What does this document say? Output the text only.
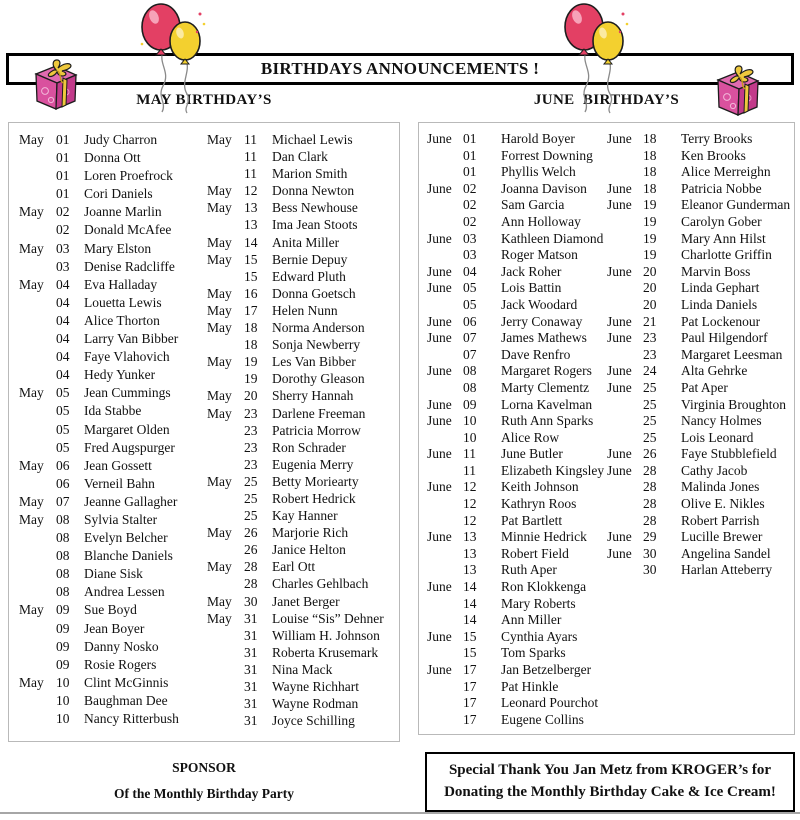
BIRTHDAYS ANNOUNCEMENTS !
MAY BIRTHDAY’S	JUNE  BIRTHDAY’S
May 01	Judy Charron
01	Donna Ott
01	Loren Proefrock
01	Cori Daniels
May 02	Joanne Marlin
02	Donald McAfee
May 03	Mary Elston
03	Denise Radcliffe
May 04	Eva Halladay
04	Louetta Lewis
04	Alice Thorton
04	Larry Van Bibber
04	Faye Vlahovich
04	Hedy Yunker
May 05	Jean Cummings
05	Ida Stabbe
05	Margaret Olden
05	Fred Augspurger
May 06	Jean Gossett
06	Verneil Bahn
May 07	Jeanne Gallagher
May 08	Sylvia Stalter
08	Evelyn Belcher
08	Blanche Daniels
08	Diane Sisk
08	Andrea Lessen
May 09	Sue Boyd
09	Jean Boyer
09	Danny Nosko
09	Rosie Rogers
May 10	Clint McGinnis
10	Baughman Dee
10	Nancy Ritterbush
May 11	Michael Lewis
11	Dan Clark
11	Marion Smith
May 12	Donna Newton
May 13	Bess Newhouse
13	Ima Jean Stoots
May 14	Anita Miller
May 15	Bernie Depuy
15	Edward Pluth
May 16	Donna Goetsch
May 17	Helen Nunn
May 18	Norma Anderson
18	Sonja Newberry
May 19	Les Van Bibber
19	Dorothy Gleason
May 20	Sherry Hannah
May 23	Darlene Freeman
23	Patricia Morrow
23	Ron Schrader
23	Eugenia Merry
May 25	Betty Moriearty
25	Robert Hedrick
25	Kay Hanner
May 26	Marjorie Rich
26	Janice Helton
May 28	Earl Ott
28	Charles Gehlbach
May 30	Janet Berger
May 31	Louise “Sis” Dehner
31	William H. Johnson
31	Roberta Krusemark
31	Nina Mack
31	Wayne Richhart
31	Wayne Rodman
31	Joyce Schilling
June 01	Harold Boyer
01	Forrest Downing
01	Phyllis Welch
June 02	Joanna Davison
02	Sam Garcia
02	Ann Holloway
June 03	Kathleen Diamond
03	Roger Matson
June 04	Jack Roher
June 05	Lois Battin
05	Jack Woodard
June 06	Jerry Conaway
June 07	James Mathews
07	Dave Renfro
June 08	Margaret Rogers
08	Marty Clementz
June 09	Lorna Kavelman
June 10	Ruth Ann Sparks
10	Alice Row
June 11	June Butler
11	Elizabeth Kingsley
June 12	Keith Johnson
12	Kathryn Roos
12	Pat Bartlett
June 13	Minnie Hedrick
13	Robert Field
13	Ruth Aper
June 14	Ron Klokkenga
14	Mary Roberts
14	Ann Miller
June 15	Cynthia Ayars
15	Tom Sparks
June 17	Jan Betzelberger
17	Pat Hinkle
17	Leonard Pourchot
17	Eugene Collins
June 18	Terry Brooks
18	Ken Brooks
18	Alice Merreighn
June 18	Patricia Nobbe
June 19	Eleanor Gunderman
19	Carolyn Gober
19	Mary Ann Hilst
19	Charlotte Griffin
June 20	Marvin Boss
20	Linda Gephart
20	Linda Daniels
June 21	Pat Lockenour
June 23	Paul Hilgendorf
23	Margaret Leesman
June 24	Alta Gehrke
June 25	Pat Aper
25	Virginia Broughton
25	Nancy Holmes
25	Lois Leonard
June 26	Faye Stubblefield
June 28	Cathy Jacob
28	Malinda Jones
28	Olive E. Nikles
28	Robert Parrish
June 29	Lucille Brewer
June 30	Angelina Sandel
30	Harlan Atteberry
SPONSOR
Of the Monthly Birthday Party
Special Thank You Jan Metz from KROGER’s for
Donating the Monthly Birthday Cake & Ice Cream!
